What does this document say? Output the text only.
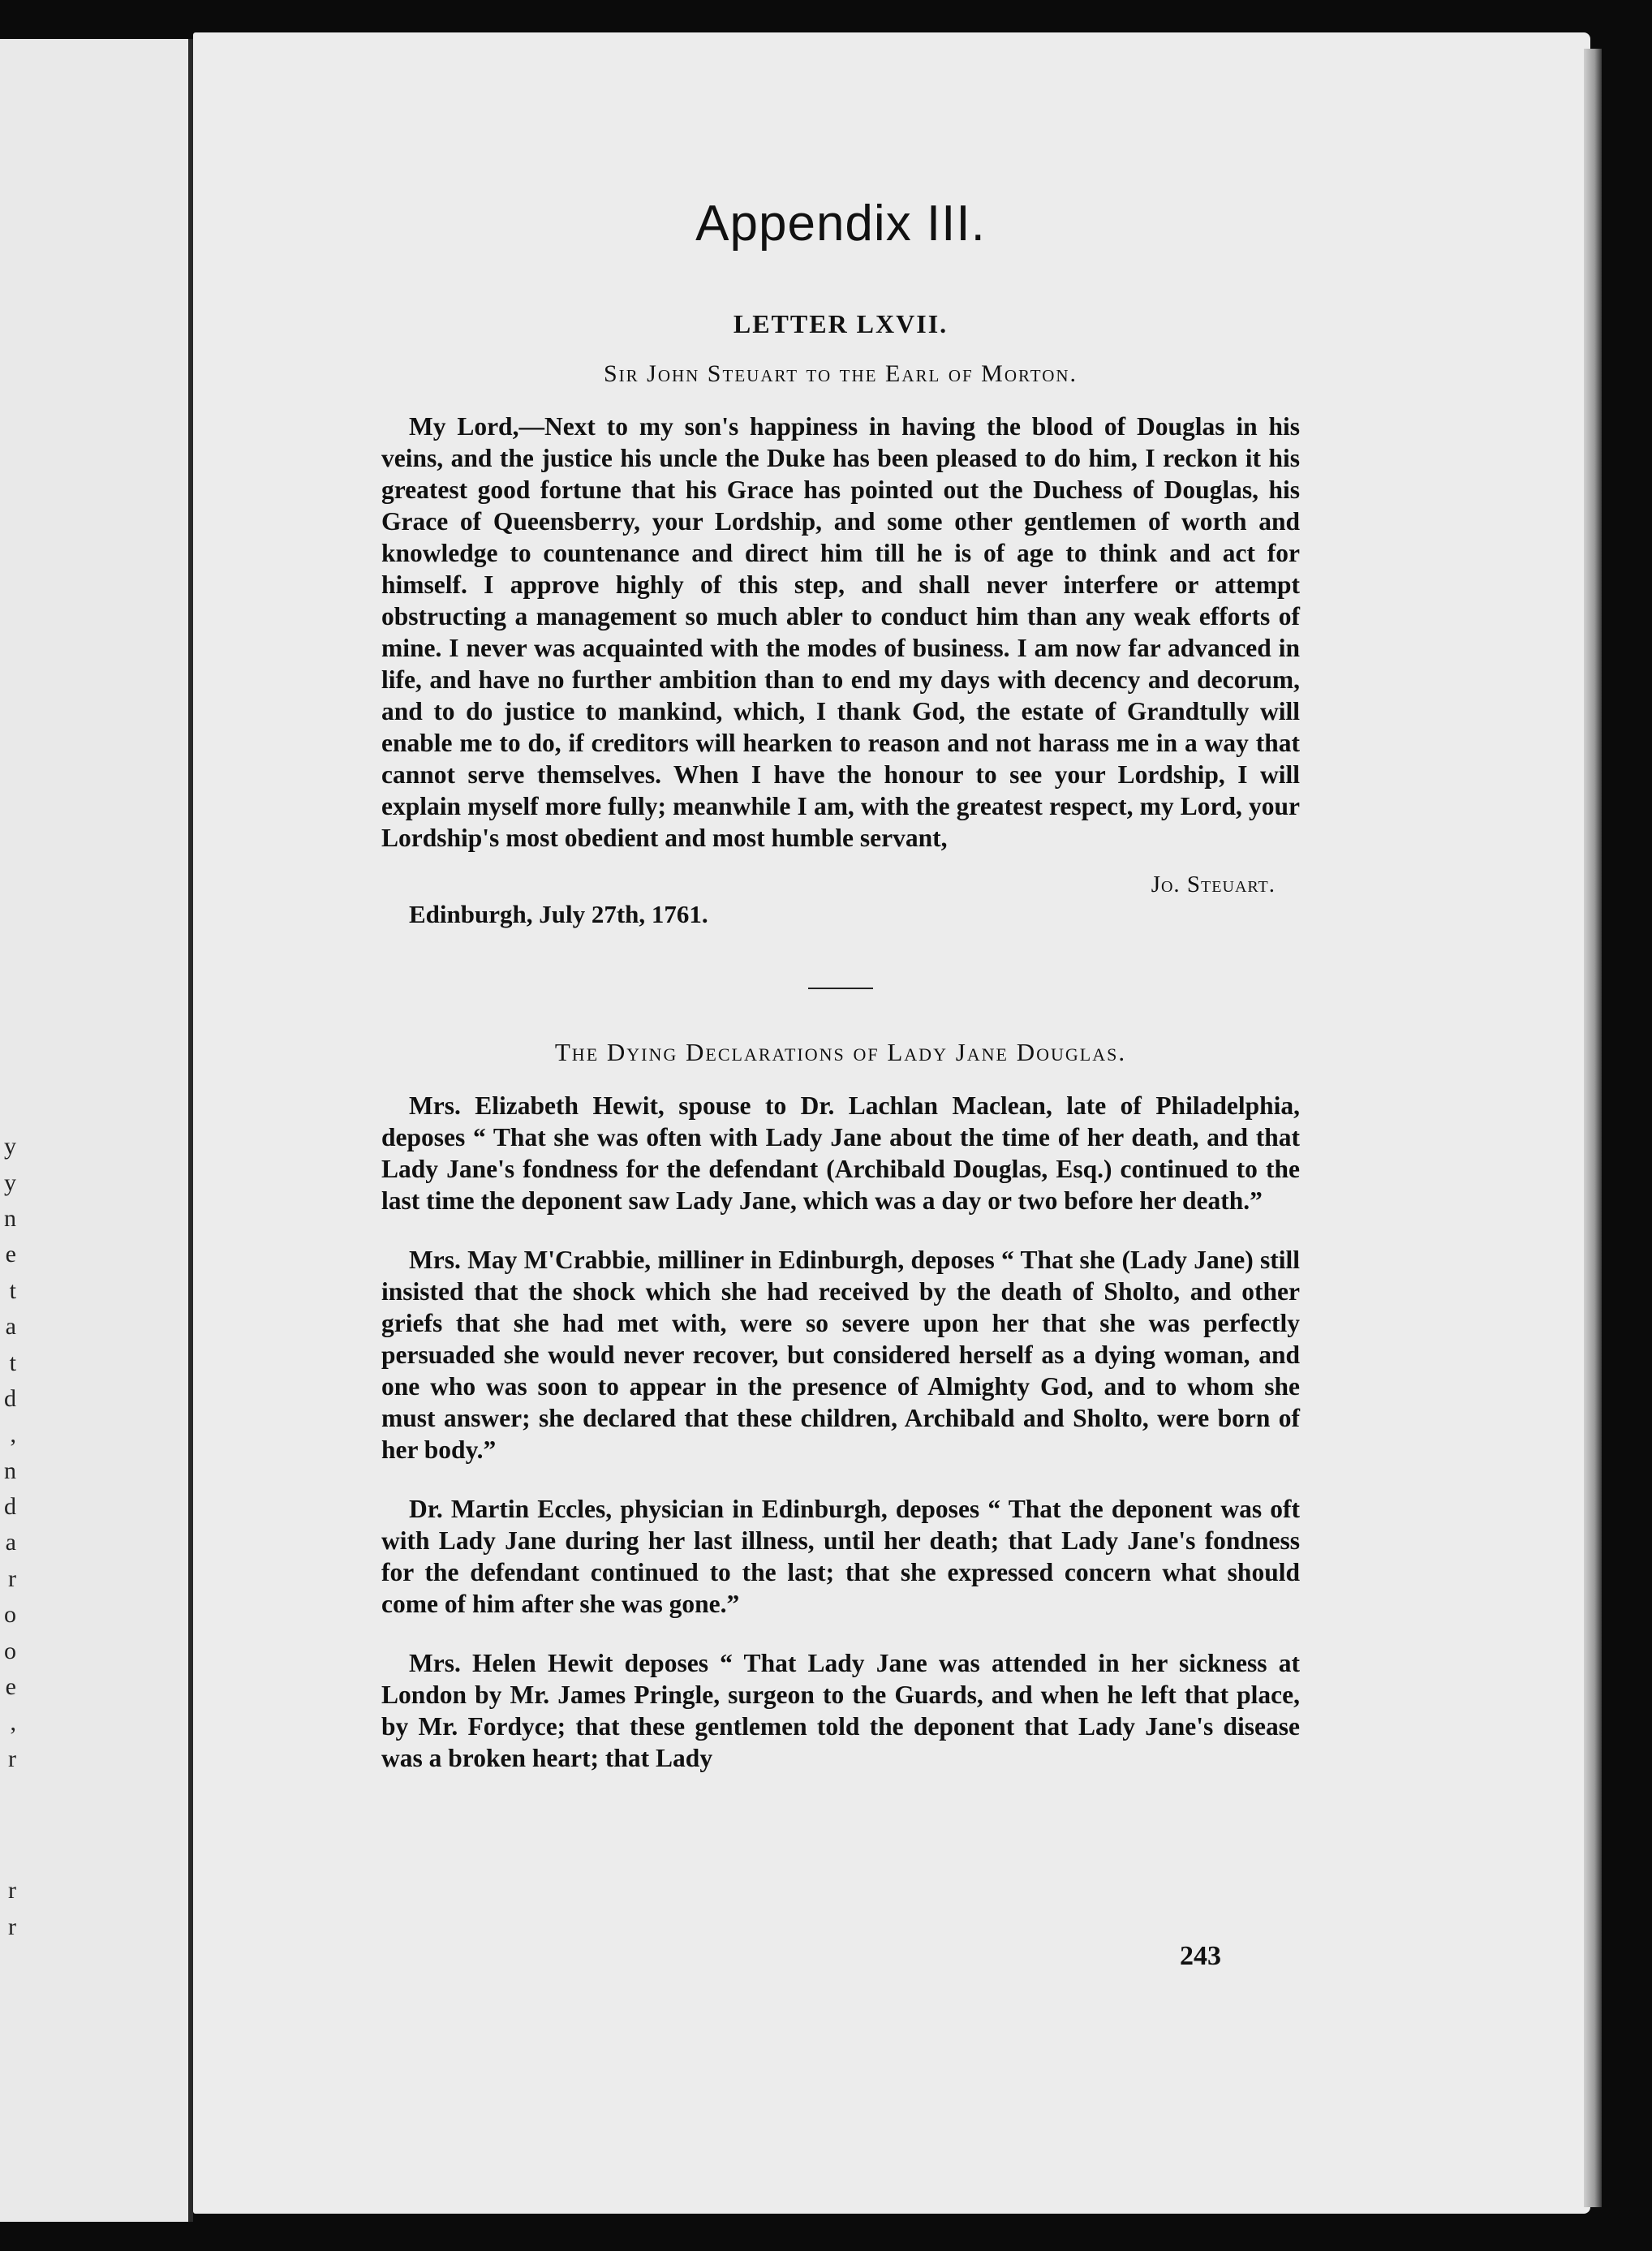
y
y
n
e
t
a
t
d
,
n
d
a
r
o
o
e
,
r
r
r
Appendix III.
LETTER LXVII.
Sir John Steuart to the Earl of Morton.

My Lord,—Next to my son's happiness in having the blood of Douglas in his veins, and the justice his uncle the Duke has been pleased to do him, I reckon it his greatest good fortune that his Grace has pointed out the Duchess of Douglas, his Grace of Queensberry, your Lordship, and some other gentlemen of worth and knowledge to countenance and direct him till he is of age to think and act for himself. I approve highly of this step, and shall never interfere or attempt obstructing a management so much abler to conduct him than any weak efforts of mine. I never was acquainted with the modes of business. I am now far advanced in life, and have no further ambition than to end my days with decency and decorum, and to do justice to mankind, which, I thank God, the estate of Grandtully will enable me to do, if creditors will hearken to reason and not harass me in a way that cannot serve themselves. When I have the honour to see your Lordship, I will explain myself more fully; meanwhile I am, with the greatest respect, my Lord, your Lordship's most obedient and most humble servant,

Jo. Steuart.
Edinburgh, July 27th, 1761.
The Dying Declarations of Lady Jane Douglas.

Mrs. Elizabeth Hewit, spouse to Dr. Lachlan Maclean, late of Philadelphia, deposes “ That she was often with Lady Jane about the time of her death, and that Lady Jane's fondness for the defendant (Archibald Douglas, Esq.) continued to the last time the deponent saw Lady Jane, which was a day or two before her death.”

Mrs. May M'Crabbie, milliner in Edinburgh, deposes “ That she (Lady Jane) still insisted that the shock which she had received by the death of Sholto, and other griefs that she had met with, were so severe upon her that she was perfectly persuaded she would never recover, but considered herself as a dying woman, and one who was soon to appear in the presence of Almighty God, and to whom she must answer; she declared that these children, Archibald and Sholto, were born of her body.”

Dr. Martin Eccles, physician in Edinburgh, deposes “ That the deponent was oft with Lady Jane during her last illness, until her death; that Lady Jane's fondness for the defendant continued to the last; that she expressed concern what should come of him after she was gone.”

Mrs. Helen Hewit deposes “ That Lady Jane was attended in her sickness at London by Mr. James Pringle, surgeon to the Guards, and when he left that place, by Mr. Fordyce; that these gentlemen told the deponent that Lady Jane's disease was a broken heart; that Lady

243
